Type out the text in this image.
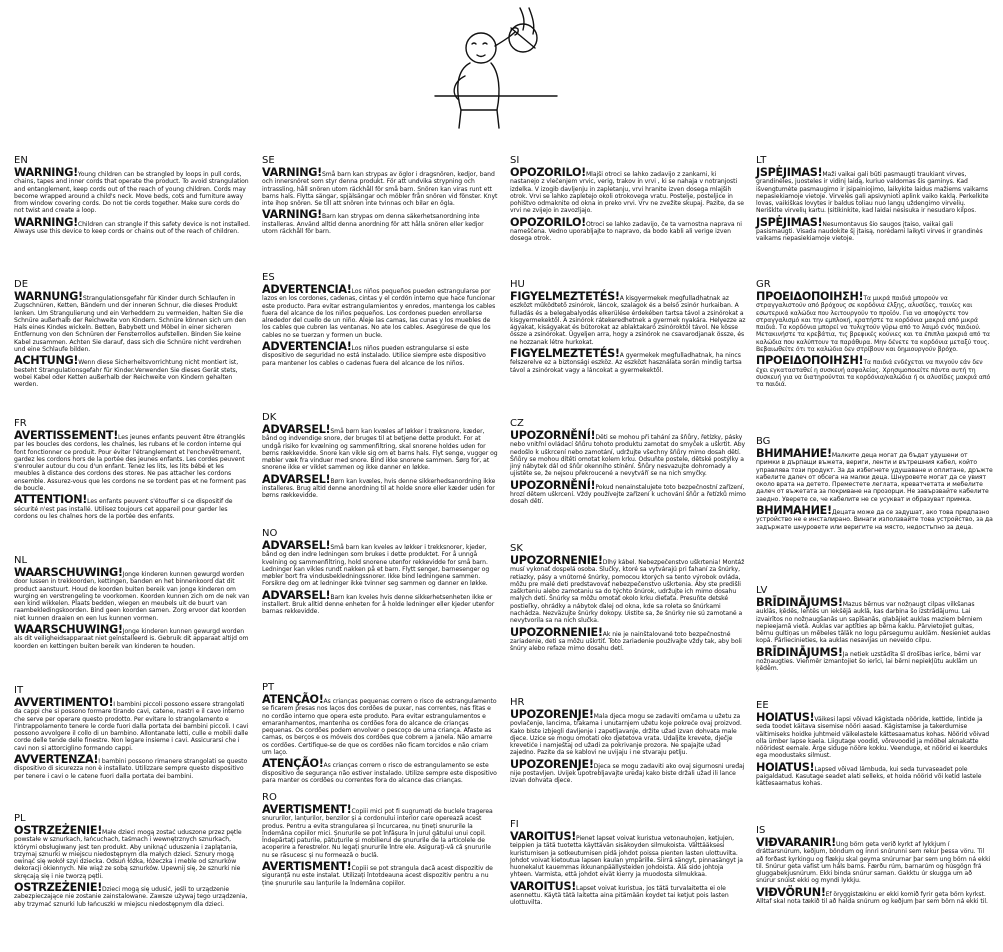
EN

WARNING!Young children can be strangled by loops in pull cords, chains, tapes and inner cords that operate the product. To avoid strangulation and entanglement, keep cords out of the reach of young children. Cords may become wrapped around a child's neck. Move beds, cots and furniture away from window covering cords. Do not tie cords together. Make sure cords do not twist and create a loop.

WARNING!Children can strangle if this safety device is not installed. Always use this device to keep cords or chains out of the reach of children.

DE

WARNUNG!Strangulationsgefahr für Kinder durch Schlaufen in Zugschnüren, Ketten, Bändern und der inneren Schnur, die dieses Produkt lenken. Um Strangulierung und ein Verheddern zu vermeiden, halten Sie die Schnüre außerhalb der Reichweite von Kindern. Schnüre können sich um den Hals eines Kindes wickeln. Betten, Babybett und Möbel in einer sicheren Entfernung von den Schnüren der Fensterrollos aufstellen. Binden Sie keine Kabel zusammen. Achten Sie darauf, dass sich die Schnüre nicht verdrehen und eine Schlaufe bilden.

ACHTUNG!Wenn diese Sicherheitsvorrichtung nicht montiert ist, besteht Strangulationsgefahr für Kinder.Verwenden Sie dieses Gerät stets, wobei Kabel oder Ketten außerhalb der Reichweite von Kindern gehalten werden.

FR

AVERTISSEMENT!Les jeunes enfants peuvent être étranglés par les boucles des cordons, les chaînes, les rubans et le cordon interne qui font fonctionner ce produit. Pour éviter l'étranglement et l'enchevêtrement, gardez les cordons hors de la portée des jeunes enfants. Les cordes peuvent s'enrouler autour du cou d'un enfant. Tenez les lits, les lits bébé et les meubles à distance des cordons des stores. Ne pas attacher les cordons ensemble. Assurez-vous que les cordons ne se tordent pas et ne forment pas de boucle.

ATTENTION!Les enfants peuvent s'étouffer si ce dispositif de sécurité n'est pas installé. Utilisez toujours cet appareil pour garder les cordons ou les chaînes hors de la portée des enfants.

NL

WAARSCHUWING!Jonge kinderen kunnen gewurgd worden door lussen in trekkoorden, kettingen, banden en het binnenkoord dat dit product aanstuurt. Houd de koorden buiten bereik van jonge kinderen om wurging en verstrengeling te voorkomen. Koorden kunnen zich om de nek van een kind wikkelen. Plaats bedden, wiegen en meubels uit de buurt van raambekledingskoorden. Bind geen koorden samen. Zorg ervoor dat koorden niet kunnen draaien en een lus kunnen vormen.

WAARSCHUWING!Jonge kinderen kunnen gewurgd worden als dit veiligheidsapparaat niet geïnstalleerd is. Gebruik dit apparaat altijd om koorden en kettingen buiten bereik van kinderen te houden.

IT

AVVERTIMENTO!I bambini piccoli possono essere strangolati da cappi che si possono formare tirando cavi, catene, nastri e il cavo interno che serve per operare questo prodotto. Per evitare lo strangolamento e l'intrappolamento tenere le corde fuori dalla portata dei bambini piccoli. I cavi possono avvolgere il collo di un bambino. Allontanate letti, culle e mobili dalle corde delle tende delle finestre. Non legare insieme i cavi. Assicurarsi che i cavi non si attorciglino formando cappi.

AVVERTENZA!I bambini possono rimanere strangolati se questo dispositivo di sicurezza non è installato. Utilizzare sempre questo dispositivo per tenere i cavi o le catene fuori dalla portata dei bambini.

PL

OSTRZEŻENIE!Małe dzieci mogą zostać uduszone przez pętle powstałe w sznurkach, łańcuchach, taśmach i wewnętrznych sznurkach, którymi obsługiwany jest ten produkt. Aby uniknąć uduszenia i zaplątania, trzymaj sznurki w miejscu niedostępnym dla małych dzieci. Sznury mogą owinąć się wokół szyi dziecka. Odsuń łóżka, łóżeczka i meble od sznurków dekoracji okiennych. Nie wiąż ze sobą sznurków. Upewnij się, że sznurki nie skręcają się i nie tworzą pętli.

OSTRZEŻENIE!Dzieci mogą się udusić, jeśli to urządzenie zabezpieczające nie zostanie zainstalowane. Zawsze używaj tego urządzenia, aby trzymać sznurki lub łańcuszki w miejscu niedostępnym dla dzieci.

SE

VARNING!Små barn kan strypas av öglor i dragsnören, kedjor, band och innersnöret som styr denna produkt. För att undvika strypning och intrassling, håll snören utom räckhåll för små barn. Snören kan viras runt ett barns hals. Flytta sängar, spjälsängar och möbler från snören vid fönster. Knyt inte ihop snören. Se till att snören inte tvinnas och bilar en ögla.

VARNING!Barn kan strypas om denna säkerhetsanordning inte installeras. Använd alltid denna anordning för att hålla snören eller kedjor utom räckhåll för barn.

ES

ADVERTENCIA!Los niños pequeños pueden estrangularse por lazos en los cordones, cadenas, cintas y el cordón interno que hace funcionar este producto. Para evitar estrangulamientos y enredos, mantenga los cables fuera del alcance de los niños pequeños. Los cordones pueden enrollarse alrededor del cuello de un niño. Aleje las camas, las cunas y los muebles de los cables que cubren las ventanas. No ate los cables. Asegúrese de que los cables no se tuerzan y formen un bucle.

ADVERTENCIA!Los niños pueden estrangularse si este dispositivo de seguridad no está instalado. Utilice siempre este dispositivo para mantener los cables o cadenas fuera del alcance de los niños.

DK

ADVARSEL!Små børn kan kvæles af løkker i træksnore, kæder, bånd og indvendige snore, der bruges til at betjene dette produkt. For at undgå risiko for kvælning og sammenfiltring, skal snorene holdes uden for børns rækkevidde. Snore kan vikle sig om et barns hals. Flyt senge, vugger og møbler væk fra vinduer med snore. Bind ikke snorene sammen. Sørg for, at snorene ikke er viklet sammen og ikke danner en løkke.

ADVARSEL!Børn kan kvæles, hvis denne sikkerhedsanordning ikke installeres. Brug altid denne anordning til at holde snore eller kæder uden for børns rækkevidde.

NO

ADVARSEL!Små barn kan kveles av løkker i trekksnorer, kjeder, bånd og den indre ledningen som brukes i dette produktet. For å unngå kvelning og sammenfiltring, hold snorene utenfor rekkevidde for små barn. Ledninger kan vikles rundt nakken på et barn. Flytt senger, barnesenger og møbler bort fra vindusbekledningssnorer. Ikke bind ledningene sammen. Forsikre deg om at ledninger ikke tvinner seg sammen og danner en løkke.

ADVARSEL!Barn kan kveles hvis denne sikkerhetsenheten ikke er installert. Bruk alltid denne enheten for å holde ledninger eller kjeder utenfor barnas rekkevidde.

PT

ATENÇÃO!As crianças pequenas correm o risco de estrangulamento se ficarem presas nos laços dos cordões de puxar, nas correntes, nas fitas e no cordão interno que opera este produto. Para evitar estrangulamentos e emaranhamentos, mantenha os cordões fora do alcance de crianças pequenas. Os cordões podem envolver o pescoço de uma criança. Afaste as camas, os berços e os móveis dos cordões que cobrem a janela. Não amarre os cordões. Certifique-se de que os cordões não ficam torcidos e não criam um laço.

ATENÇÃO!As crianças correm o risco de estrangulamento se este dispositivo de segurança não estiver instalado. Utilize sempre este dispositivo para manter os cordões ou correntes fora do alcance das crianças.

RO

AVERTISMENT!Copiii mici pot fi sugrumați de buclele tragerea snururilor, lanțurilor, benzilor și a cordonului interior care operează acest produs. Pentru a evita strangularea și încurcarea, nu țineți snururile la îndemâna copiilor mici. Șnururile se pot înfășura în jurul gâtului unui copil. Îndepărtați paturile, pătuțurile și mobilierul de șnururile de la articolele de acoperire a ferestrelor. Nu legați șnururile între ele. Asigurați-vă că șnururile nu se răsucesc și nu formează o buclă.

AVERTISMENT!Copiii se pot strangula dacă acest dispozitiv de siguranță nu este instalat. Utilizați întotdeauna acest dispozitiv pentru a nu ține șnururile sau lanțurile la îndemâna copiilor.

SI

OPOZORILO!Mlajši otroci se lahko zadavijo z zankami, ki nastanejo z vlečenjem vrvic, verig, trakov in vrvi , ki se nahaja v notranjosti izdelka. V izogib davljenju in zapletanju, vrvi hranite izven dosega mlajših otrok. Vrvi se lahko zapletejo okoli otrokovega vratu. Postelje, posteljice in pohištvo odmaknite od okna in preko vrvi. Vrv ne zvežite skupaj. Pazite, da se vrvi ne zvijejo in zavozljajo.

OPOZORILO!Otroci se lahko zadavijo, če ta varnostna naprava ni nameščena. Vedno uporabljajte to napravo, da bodo kabli ali verige izven dosega otrok.

HU

FIGYELMEZTETÉS!A kisgyermekek megfulladhatnak az eszközt működtető zsinórok, láncok, szalagok és a belső zsinór hurkaiban. A fulladás és a belegabalyodás elkerülése érdekében tartsa távol a zsinórokat a kisgyermekektől. A zsinórok rátekeredhetnek a gyermek nyakára. Helyezze az ágyakat, kiságyakat és bútorokat az ablaktakaró zsinóroktól távol. Ne kösse össze a zsinórokat. Ügyeljen arra, hogy a zsinórok ne csavarodjanak össze, és ne hozzanak létre hurkokat.

FIGYELMEZTETÉS!A gyermekek megfulladhatnak, ha nincs felszerelve ez a biztonsági eszköz. Az eszközt használata során mindig tartsa távol a zsinórokat vagy a láncokat a gyermekektől.

CZ

UPOZORNĚNÍ!Děti se mohou při tahání za šňůry, řetízky, pásky nebo vnitřní ovládací šňůru tohoto produktu zamotat do smyček a uškrtit. Aby nedošlo k uškrcení nebo zamotání, udržujte všechny šňůry mimo dosah dětí. Šňůry se mohou dítěti omotat kolem krku. Odsuňte postele, dětské postýlky a jiný nábytek dál od šňůr okenního stínění. Šňůry nesvazujte dohromady a ujistěte se, že nejsou překroucené a nevytváří se na nich smyčky.

UPOZORNĚNÍ!Pokud nenainstalujete toto bezpečnostní zařízení, hrozí dětem uškrcení. Vždy používejte zařízení k uchování šňůr a řetízků mimo dosah dětí.

SK

UPOZORNENIE!Dlhý kábel. Nebezpečenstvo uškrtenia! Montáž musí vykonať dospelá osoba. Slučky, ktoré sa vytvárajú pri ťahaní za šnúrky, retiazky, pásy a vnútorné šnúrky, pomocou ktorých sa tento výrobok ovláda, môžu pre malé deti predstavovať nebezpečenstvo uškrtenia. Aby ste predišli zaškrteniu alebo zamotaniu sa do týchto šnúrok, udržujte ich mimo dosahu malých detí. Šnúrky sa môžu omotať okolo krku dieťaťa. Presuňte detské postieľky, ohrádky a nábytok ďalej od okna, kde sa roleta so šnúrkami nachádza. Nezväzujte šnúrky dokopy. Uistite sa, že šnúrky nie sú zamotané a nevytvorila sa na nich slučka.

UPOZORNENIE!Ak nie je nainštalované toto bezpečnostné zariadenie, deti sa môžu uškrtiť. Toto zariadenie používajte vždy tak, aby boli šnúry alebo refaze mimo dosahu detí.

HR

UPOZORENJE!Mala djeca mogu se zadaviti omčama u užetu za povlačenje, lancima, trakama i unutarnjem užetu koje pokreće ovaj proizvod. Kako biste izbjegli davljenje i zapetljavanje, držite užad izvan dohvata male djece. Uzice se mogu omotati oko djetetova vrata. Udaljite krevete, dječje krevetiće i namještaj od užadi za pokrivanje prozora. Ne spajajte užad zajedno. Pazite da se kablovi ne uvijaju i ne stvaraju petlju.

UPOZORENJE!Djeca se mogu zadaviti ako ovaj sigurnosni uređaj nije postavljen. Uvijek upotrebljavajte uređaj kako biste držali užad ili lance izvan dohvata djece.

FI

VAROITUS!Pienet lapset voivat kuristua vetonauhojen, ketjujen, teippien ja tätä tuotetta käyttävän sisäkoyden silmukoista. Välttääksesi kuristumisen ja sotkeutumisen pidä johdot poissa pienten lasten ulottuvilta. Johdot voivat kietoutua lapsen kaulan ympärille. Siirrä sängyt, pinnasängyt ja huonekalut kauemmas ikkunanpäällysteiden johdoista. Älä sido johtoja yhteen. Varmista, että johdot eivät kierry ja muodosta silmukkaa.

VAROITUS!Lapset voivat kuristua, jos tätä turvalaitetta ei ole asennettu. Käytä tätä laitetta aina pitämään koydet tai ketjut pois lasten ulottuvilta.

LT

JSPĖJIMAS!Maži vaikai gali būti pasmaugti traukiant virves, grandinėles, juosteles ir vidinį laidą, kuriuo valdomas šis gaminys. Kad išvengtumėte pasmaugimo ir įsipainiojimo, laikykite laidus mažiems vaikams nepasiekiamoje vietoje. Virvelės gali apsivynioti aplink vaiko kaklą. Perkelkite lovas, vaikiškas lovytes ir baldus toliau nuo langų uždengimo virvelių. Nerišklte virvelių kartu. Įsitikinkite, kad laidai nesisuka ir nesudaro kilpos.

JSPĖJIMAS!Nesumontavus šio saugos įtaiso, vaikai gali pasismaugti. Visada naudokite šį įtaisą, norėdami laikyti virves ir grandinės vaikams nepasiekiamoje vietoje.

GR

ΠΡΟΕΙΔΟΠΟΙΗΣΗ!Τα μικρά παιδιά μπορούν να στραγγαλιστούν από βρόχους σε κορδόνια έλξης, αλυσίδες, ταινίες και εσωτερικά καλώδια που λειτουργούν το προϊόν. Για να αποφύγετε τον στραγγαλισμό και την εμπλοκή, κρατήστε τα κορδόνια μακριά από μικρά παιδιά. Τα κορδόνια μπορεί να τυλιχτούν γύρω από το λαιμό ενός παιδιού. Μετακινήστε τα κρεβάτια, τις βρεφικές κούνιες και τα έπιπλα μακριά από τα καλώδια που καλύπτουν τα παράθυρα. Μην δένετε τα κορδόνια μεταξύ τους. Βεβαιωθείτε ότι τα καλώδια δεν στρίβουν και δημιουργούν βρόχο.

ΠΡΟΕΙΔΟΠΟΙΗΣΗ!Τα παιδιά ενδέχεται να πνιγούν εάν δεν έχει εγκατασταθεί η συσκευή ασφαλείας. Χρησιμοποιείτε πάντα αυτή τη συσκευή για να διατηρούνται τα κορδόνια/καλώδια ή οι αλυσίδες μακριά από τα παιδιά.

BG

ВНИМАНИЕ!Малките деца могат да бъдат удушени от примки в дърпащи въжета, вериги, ленти и вътрешния кабел, който управлява този продукт. За да избегнете удушаване и оплитане, дръжте кабелите далеч от обсега на малки деца. Шнуровете могат да се увият около врата на детето. Преместете леглата, креватчетата и мебелите далеч от въжетата за покриване на прозорци. Не завързвайте кабелите заедно. Уверете се, че кабелите не се усукват и образуват примка.

ВНИМАНИЕ!Децата може да се задушат, ако това предпазно устройство не е инсталирано. Винаги използвайте това устройство, за да задържате шнуровете или веригите на място, недостъпно за деца.

LV

BRĪDINĀJUMS!Mazus bērnus var nožņaugt cilpas vilkšanas auklās, ķēdēs, lentēs un iekšējā auklā, kas darbina šo izstrādājumu. Lai izvairītos no nožņaugšanās un sapīšanās, glabājiet auklas maziem bērniem nepieejamā vietā. Auklas var aptīties ap bērna kaklu. Pārvietojiet gultas, bērnu gultiņas un mēbeles tālāk no logu pārsegumu auklām. Nesieniet auklas kopā. Pārliecinieties, ka auklas nesavijas un neveido cilpu.

BRĪDINĀJUMS!Ja netiek uzstādīta šī drošības ierīce, bērni var nožņaugties. Vienmēr izmantojiet šo ierīci, lai bērni nepiekļūtu auklām un ķēdēm.

EE

HOIATUS!Väikesi lapsi võivad kägistada nööride, kettide, lintide ja seda toodet käitava sisemise nööri aasad. Kägistamise ja takerdumise vältimiseks hoidke juhtmeid väikelastele kättesaamatus kohas. Nöörid võivad olla ümber lapse kaela. Liigutage voodid, võrevoodid ja mööbel aknakatte nööridest eemale. Ärge siduge nööre kokku. Veenduge, et nöörid ei keerduks ega moodustaks silmust.

HOIATUS!Lapsed võivad lämbuda, kui seda turvaseadet pole paigaldatud. Kasutage seadet alati selleks, et hoida nöörid või ketid lastele kättesaamatus kohas.

IS

VIÐVARANIR!Ung börn geta verið kyrkt af lykkjum í dráttarsnúrum, keðjum, böndum og innri snúrunni sem rekur þessa vöru. Til að forðast kyrkingu og flækju skal geyma snúrurnar þar sem ung börn ná ekki til. Snúrur geta vafist um háls barns. Færðu rúm, barnarúm og húsgögn frá gluggabekjusnúrum. Ekki binda snúrur saman. Gakktu úr skugga um að snúrur snúist ekki og myndi lykkju.

VIÐVÖRUN!Ef öryggistækinu er ekki komið fyrir geta börn kyrkst. Alltaf skal nota tækið til að halda snúrum og keðjum þar sem börn ná ekki til.
